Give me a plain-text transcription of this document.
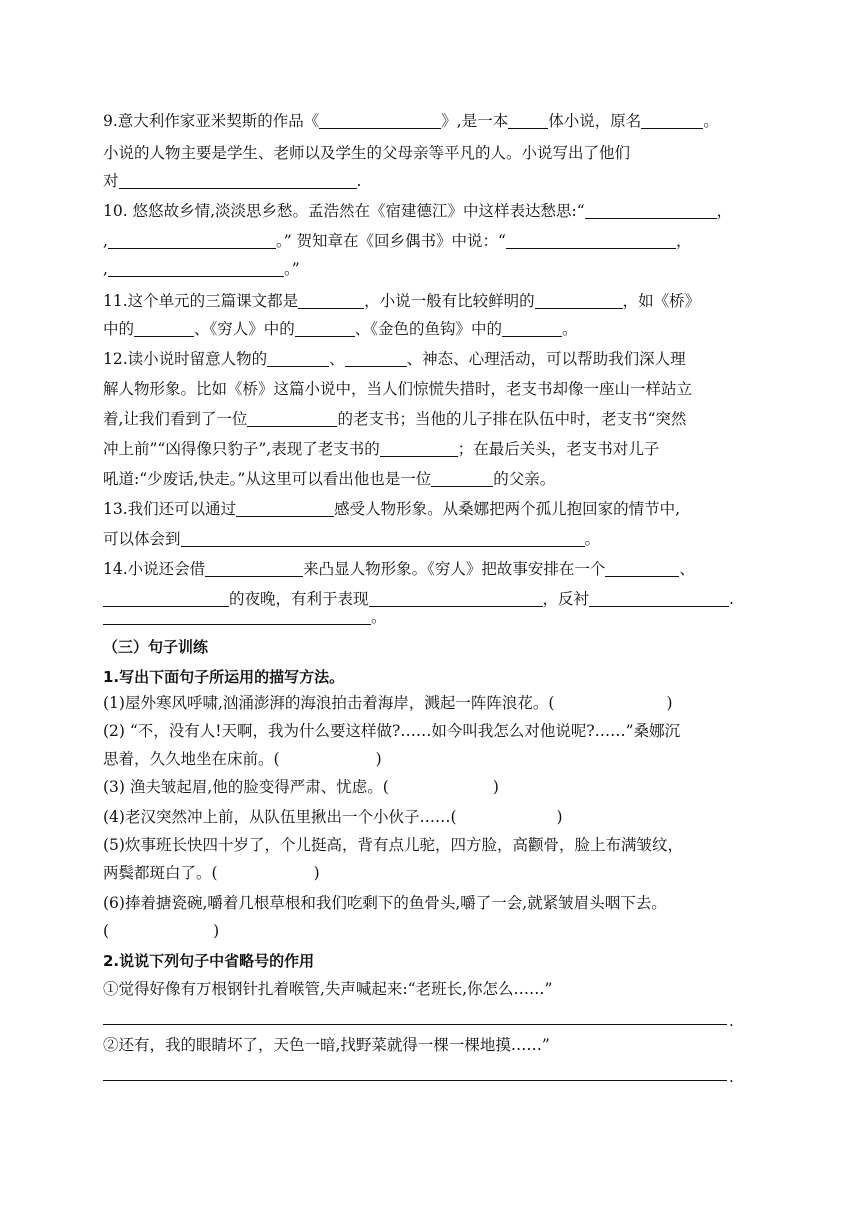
9.意大利作家亚米契斯的作品《	》,是一本	体小说，原名	。
小说的人物主要是学生、老师以及学生的父母亲等平凡的人。小说写出了他们
对	.
10. 悠悠故乡情,淡淡思乡愁。孟浩然在《宿建德江》中这样表达愁思:“	，
,	。” 贺知章在《回乡偶书》中说：“	，
,	。”
11.这个单元的三篇课文都是	，小说一般有比较鲜明的	，如《桥》
中的	、《穷人》中的	、《金色的鱼钩》中的	。
12.读小说时留意人物的	、	、神态、心理活动，可以帮助我们深人理
解人物形象。比如《桥》这篇小说中，当人们惊慌失措时，老支书却像一座山一样站立
着,让我们看到了一位	的老支书；当他的儿子排在队伍中时，老支书“突然
冲上前”“凶得像只豹子”,表现了老支书的	；在最后关头，老支书对儿子
吼道:“少废话,快走。”从这里可以看出他也是一位	的父亲。
13.我们还可以通过	感受人物形象。从桑娜把两个孤儿抱回家的情节中,
可以体会到	。
14.小说还会借	来凸显人物形象。《穷人》把故事安排在一个	、
的夜晚，有利于表现	，反衬	.
。
（三）句子训练
1.写出下面句子所运用的描写方法。
(1)屋外寒风呼啸,汹涌澎湃的海浪拍击着海岸，溅起一阵阵浪花。(	)
(2) “不，没有人!天啊，我为什么要这样做?……如今叫我怎么对他说呢?……”桑娜沉
思着，久久地坐在床前。(	)
(3) 渔夫皱起眉,他的脸变得严肃、忧虑。(	)
(4)老汉突然冲上前，从队伍里揪出一个小伙子……(	)
(5)炊事班长快四十岁了，个儿挺高，背有点儿驼，四方脸，高颧骨，脸上布满皱纹，
两鬓都斑白了。(	)
(6)捧着搪瓷碗,嚼着几根草根和我们吃剩下的鱼骨头,嚼了一会,就紧皱眉头咽下去。
(	)
2.说说下列句子中省略号的作用
①觉得好像有万根钢针扎着喉管,失声喊起来:“老班长,你怎么……”
.
②还有，我的眼睛坏了，天色一暗,找野菜就得一棵一棵地摸……”
.
